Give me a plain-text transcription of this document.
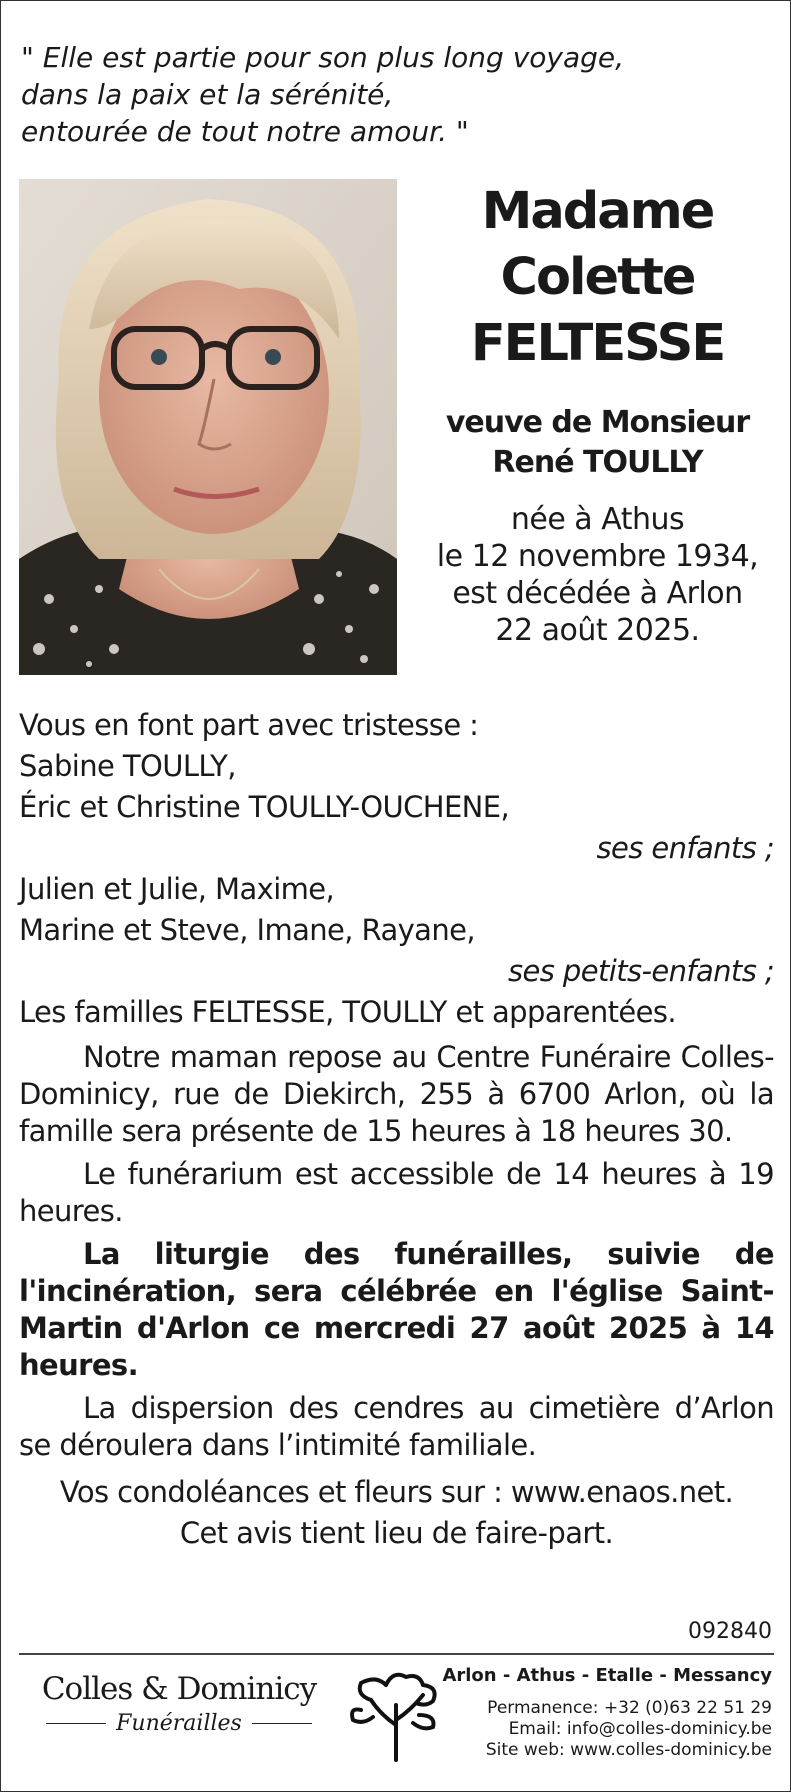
" Elle est partie pour son plus long voyage,
dans la paix et la sérénité,
entourée de tout notre amour. "
Madame
Colette
FELTESSE
veuve de Monsieur
René TOULLY
née à Athus
le 12 novembre 1934,
est décédée à Arlon
22 août 2025.
Vous en font part avec tristesse :
Sabine TOULLY,
Éric et Christine TOULLY-OUCHENE,
ses enfants ;
Julien et Julie, Maxime,
Marine et Steve, Imane, Rayane,
ses petits-enfants ;
Les familles FELTESSE, TOULLY et apparentées.
Notre maman repose au Centre Funéraire Colles-Dominicy, rue de Diekirch, 255 à 6700 Arlon, où la famille sera présente de 15 heures à 18 heures 30.
Le funérarium est accessible de 14 heures à 19 heures.
La liturgie des funérailles, suivie de l'incinération, sera célébrée en l'église Saint-Martin d'Arlon ce mercredi 27 août 2025 à 14 heures.
La dispersion des cendres au cimetière d’Arlon se déroulera dans l’intimité familiale.
Vos condoléances et fleurs sur : www.enaos.net.
Cet avis tient lieu de faire-part.
092840
Colles & Dominicy
Funérailles
Arlon - Athus - Etalle - Messancy
Permanence: +32 (0)63 22 51 29
Email: info@colles-dominicy.be
Site web: www.colles-dominicy.be
